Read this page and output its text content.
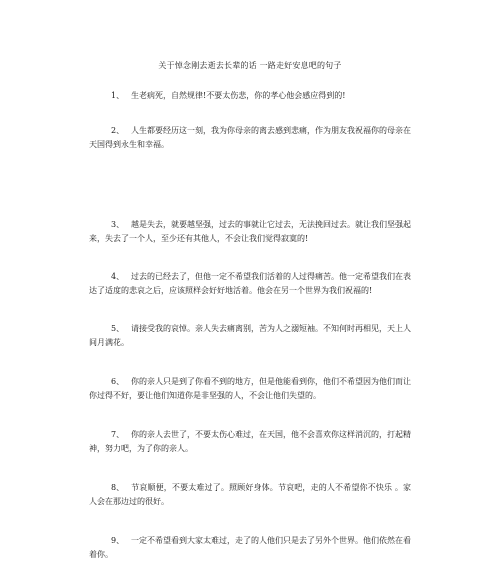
关于悼念刚去逝去长辈的话 一路走好安息吧的句子
1、 生老病死，自然规律!不要太伤悲，你的孝心他会感应得到的!
2、 人生都要经历这一刻，我为你母亲的离去感到悲痛，作为朋友我祝福你的母亲在天国得到永生和幸福。
3、 越是失去，就要越坚强，过去的事就让它过去，无法挽回过去。就让我们坚强起来，失去了一个人，至少还有其他人，不会让我们觉得寂寞的!
4、 过去的已经去了，但他一定不希望我们活着的人过得痛苦。他一定希望我们在表达了适度的悲哀之后，应该照样会好好地活着。他会在另一个世界为我们祝福的!
5、 请接受我的哀悼。亲人失去痛离别，苦为人之溺短袖。不知何时再相见，天上人间月满花。
6、 你的亲人只是到了你看不到的地方，但是他能看到你，他们不希望因为他们而让你过得不好，要让他们知道你是非坚强的人，不会让他们失望的。
7、 你的亲人去世了，不要太伤心难过，在天国，他不会喜欢你这样消沉的，打起精神，努力吧，为了你的亲人。
8、 节哀顺便，不要太难过了。照顾好身体。节哀吧，走的人不希望你不快乐 。家人会在那边过的很好。
9、 一定不希望看到大家太难过，走了的人他们只是去了另外个世界。他们依然在看着你。
